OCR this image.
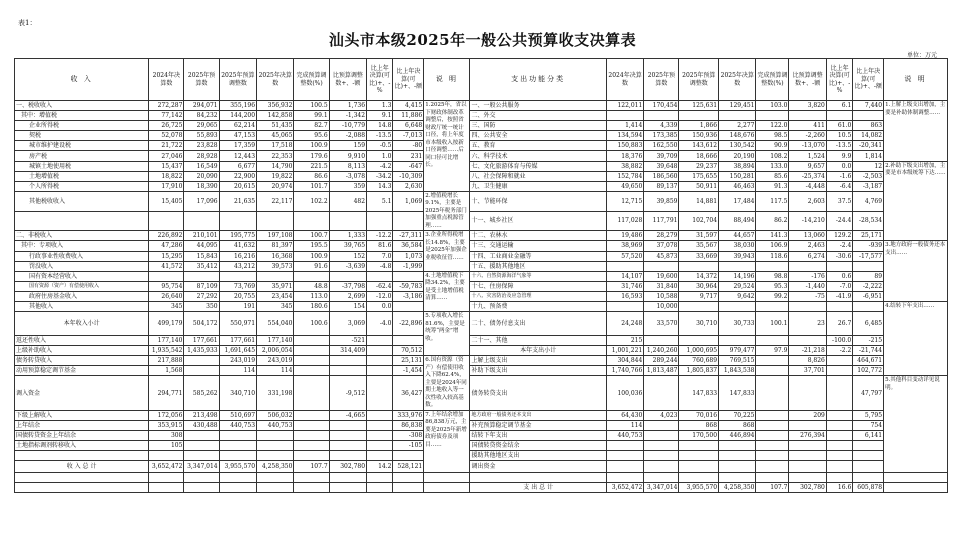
表1：
汕头市本级2025年一般公共预算收支决算表
单位：万元
收 入	2024年决算数	2025年预算数	2025年预算调整数	2025年决算数	完成预算调整数(%)	比预算调整数+、-额	比上年决算(可比)+、-%	比上年决算(可比)+、-额	说 明	支出功能分类	2024年决算数	2025年预算数	2025年预算调整数	2025年决算数	完成预算调整数(%)	比预算调整数+、-额	比上年决算(可比)+、-%	比上年决算(可比)+、-额	说 明
一、税收收入	272,287	294,071	355,196	356,932	100.5	1,736	1.3	4,415	1.2025年，省以下财政体制改革调整后，按照省财政厅统一统计口径，将上年度市本级收入按新口径调整……后同口径可比增长。	一、一般公共服务	122,011	170,454	125,631	129,451	103.0	3,820	6.1	7,440	1.上解上级支出增加，主要是补助体制调整……
其中：增值税	77,142	84,232	144,200	142,858	99.1	-1,342	9.1	11,886		二、外交									
企业所得税	26,725	29,065	62,214	51,435	82.7	-10,779	14.8	6,648		三、国防	1,414	4,339	1,866	2,277	122.0	411	61.0	863	
契税	52,078	55,893	47,153	45,065	95.6	-2,088	-13.5	-7,013		四、公共安全	134,594	173,385	150,936	148,676	98.5	-2,260	10.5	14,082	
城市维护建设税	21,722	23,828	17,359	17,518	100.9	159	-0.5	-80		五、教育	150,883	162,550	143,612	130,542	90.9	-13,070	-13.5	-20,341	
房产税	27,046	28,928	12,443	22,353	179.6	9,910	1.0	231		六、科学技术	18,376	39,709	18,666	20,190	108.2	1,524	9.9	1,814	
城镇土地使用税	15,437	16,549	6,677	14,790	221.5	8,113	-4.2	-647		七、文化旅游体育与传媒	38,882	39,648	29,237	38,894	133.0	9,657	0.0	12	2.补助下级支出增加，主要是市本级统筹下达……
土地增值税	18,822	20,090	22,900	19,822	86.6	-3,078	-34.2	-10,309		八、社会保障和就业	152,784	186,560	175,655	150,281	85.6	-25,374	-1.6	-2,503	
个人所得税	17,910	18,390	20,615	20,974	101.7	359	14.3	2,630		九、卫生健康	49,650	89,137	50,911	46,463	91.3	-4,448	-6.4	-3,187	
其他税收收入	15,405	17,096	21,635	22,117	102.2	482	5.1	1,069	2.增值税增长9.1%，主要是2025年税务部门加强重点税源管理……	十、节能环保	12,715	39,859	14,881	17,484	117.5	2,603	37.5	4,769	
										十一、城乡社区	117,028	117,791	102,704	88,494	86.2	-14,210	-24.4	-28,534	
二、非税收入	226,892	210,101	195,775	197,108	100.7	1,333	-12.2	-27,311	3.企业所得税增长14.8%，主要是2025年加强企业税收征管……	十二、农林水	19,486	28,279	31,597	44,657	141.3	13,060	129.2	25,171	
其中：专项收入	47,286	44,095	41,632	81,397	195.5	39,765	81.6	36,584		十三、交通运输	38,969	37,078	35,567	38,030	106.9	2,463	-2.4	-939	3.地方政府一般债务还本支出……
行政事业性收费收入	15,295	15,843	16,216	16,368	100.9	152	7.0	1,073		十四、工业商业金融等	57,520	45,873	33,669	39,943	118.6	6,274	-30.6	-17,577	
罚没收入	41,572	35,412	43,212	39,573	91.6	-3,639	-4.8	-1,999		十五、援助其他地区									
国有资本经营收入									4.土地增值税下降34.2%，主要是受土地增值税清算……	十六、自然资源海洋气象等	14,107	19,600	14,372	14,196	98.8	-176	0.6	89	
国有资源（资产）有偿使用收入	95,754	87,109	73,769	35,971	48.8	-37,798	-62.4	-59,783		十七、住房保障	31,746	31,840	30,964	29,524	95.3	-1,440	-7.0	-2,222	
政府住房基金收入	26,640	27,292	20,755	23,454	113.0	2,699	-12.0	-3,186		十八、灾害防治及应急管理	16,593	10,588	9,717	9,642	99.2	-75	-41.9	-6,951	
其他收入	345	350	191	345	180.6	154	0.0			十九、预备费		10,000							4.结转下年支出……
本年收入小计	499,179	504,172	550,971	554,040	100.6	3,069	-4.0	-22,896	5.专项收入增长81.6%，主要是统筹“两金”增收。	二十、债务付息支出	24,248	33,570	30,710	30,733	100.1	23	26.7	6,485	
返还性收入	177,140	177,661	177,661	177,140		-521				二十一、其他	215						-100.0	-215	
上级补助收入	1,935,542	1,435,933	1,691,645	2,006,054		314,409		70,512		本年支出小计	1,001,221	1,240,260	1,000,695	979,477	97.9	-21,218	-2.2	-21,744	
债务转贷收入	217,888		243,019	243,019				25,131	6.国有资源（资产）有偿使用收入下降62.4%，主要是2024年同期土地收入等一次性收入较高基数。	上解上级支出	304,844	289,244	760,689	769,515		8,826		464,671	
动用预算稳定调节基金	1,568		114	114				-1,454		补助下级支出	1,740,766	1,813,487	1,805,837	1,843,538		37,701		102,772	
调入资金	294,771	585,262	340,710	331,198		-9,512		36,427		债务转贷支出	100,036		147,833	147,833				47,797	5.其他科目变动详见说明。
下级上解收入	172,056	213,498	510,697	506,032		-4,665		333,976	7.上年结余增加86,838万元，主要是2025年新增政府债券及项目……	地方政府一般债务还本支出	64,430	4,023	70,016	70,225		209		5,795	
上年结余	353,915	430,488	440,753	440,753				86,838		补充预算稳定调节基金	114		868	868				754	
国债转贷资金上年结余	308							-308		结转下年支出	440,753		170,500	446,894		276,394		6,141	
土地指标调剂转移收入	105							-105		国债转贷资金结余									
										援助其他地区支出									
收 入 总 计	3,652,472	3,347,014	3,955,570	4,258,350	107.7	302,780	14.2	528,121		调出资金									

										支 出 总 计	3,652,472	3,347,014	3,955,570	4,258,350	107.7	302,780	16.6	605,878	
